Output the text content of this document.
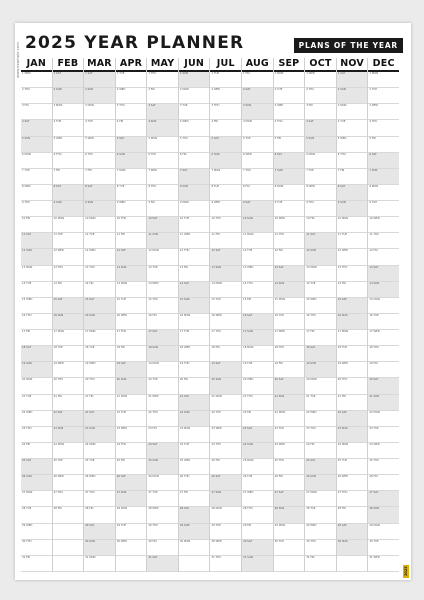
2025 YEAR PLANNER	PLANS OF THE YEAR
JAN
1 WED
2 THU
3 FRI
4 SAT
5 SUN
6 MON
7 TUE
8 WED
9 THU
10 FRI
11 SAT
12 SUN
13 MON
14 TUE
15 WED
16 THU
17 FRI
18 SAT
19 SUN
20 MON
21 TUE
22 WED
23 THU
24 FRI
25 SAT
26 SUN
27 MON
28 TUE
29 WED
30 THU
31 FRI
FEB
1 SAT
2 SUN
3 MON
4 TUE
5 WED
6 THU
7 FRI
8 SAT
9 SUN
10 MON
11 TUE
12 WED
13 THU
14 FRI
15 SAT
16 SUN
17 MON
18 TUE
19 WED
20 THU
21 FRI
22 SAT
23 SUN
24 MON
25 TUE
26 WED
27 THU
28 FRI
MAR
1 SAT
2 SUN
3 MON
4 TUE
5 WED
6 THU
7 FRI
8 SAT
9 SUN
10 MON
11 TUE
12 WED
13 THU
14 FRI
15 SAT
16 SUN
17 MON
18 TUE
19 WED
20 THU
21 FRI
22 SAT
23 SUN
24 MON
25 TUE
26 WED
27 THU
28 FRI
29 SAT
30 SUN
31 MON
APR
1 TUE
2 WED
3 THU
4 FRI
5 SAT
6 SUN
7 MON
8 TUE
9 WED
10 THU
11 FRI
12 SAT
13 SUN
14 MON
15 TUE
16 WED
17 THU
18 FRI
19 SAT
20 SUN
21 MON
22 TUE
23 WED
24 THU
25 FRI
26 SAT
27 SUN
28 MON
29 TUE
30 WED
MAY
1 THU
2 FRI
3 SAT
4 SUN
5 MON
6 TUE
7 WED
8 THU
9 FRI
10 SAT
11 SUN
12 MON
13 TUE
14 WED
15 THU
16 FRI
17 SAT
18 SUN
19 MON
20 TUE
21 WED
22 THU
23 FRI
24 SAT
25 SUN
26 MON
27 TUE
28 WED
29 THU
30 FRI
31 SAT
JUN
1 SUN
2 MON
3 TUE
4 WED
5 THU
6 FRI
7 SAT
8 SUN
9 MON
10 TUE
11 WED
12 THU
13 FRI
14 SAT
15 SUN
16 MON
17 TUE
18 WED
19 THU
20 FRI
21 SAT
22 SUN
23 MON
24 TUE
25 WED
26 THU
27 FRI
28 SAT
29 SUN
30 MON
JUL
1 TUE
2 WED
3 THU
4 FRI
5 SAT
6 SUN
7 MON
8 TUE
9 WED
10 THU
11 FRI
12 SAT
13 SUN
14 MON
15 TUE
16 WED
17 THU
18 FRI
19 SAT
20 SUN
21 MON
22 TUE
23 WED
24 THU
25 FRI
26 SAT
27 SUN
28 MON
29 TUE
30 WED
31 THU
AUG
1 FRI
2 SAT
3 SUN
4 MON
5 TUE
6 WED
7 THU
8 FRI
9 SAT
10 SUN
11 MON
12 TUE
13 WED
14 THU
15 FRI
16 SAT
17 SUN
18 MON
19 TUE
20 WED
21 THU
22 FRI
23 SAT
24 SUN
25 MON
26 TUE
27 WED
28 THU
29 FRI
30 SAT
31 SUN
SEP
1 MON
2 TUE
3 WED
4 THU
5 FRI
6 SAT
7 SUN
8 MON
9 TUE
10 WED
11 THU
12 FRI
13 SAT
14 SUN
15 MON
16 TUE
17 WED
18 THU
19 FRI
20 SAT
21 SUN
22 MON
23 TUE
24 WED
25 THU
26 FRI
27 SAT
28 SUN
29 MON
30 TUE
OCT
1 WED
2 THU
3 FRI
4 SAT
5 SUN
6 MON
7 TUE
8 WED
9 THU
10 FRI
11 SAT
12 SUN
13 MON
14 TUE
15 WED
16 THU
17 FRI
18 SAT
19 SUN
20 MON
21 TUE
22 WED
23 THU
24 FRI
25 SAT
26 SUN
27 MON
28 TUE
29 WED
30 THU
31 FRI
NOV
1 SAT
2 SUN
3 MON
4 TUE
5 WED
6 THU
7 FRI
8 SAT
9 SUN
10 MON
11 TUE
12 WED
13 THU
14 FRI
15 SAT
16 SUN
17 MON
18 TUE
19 WED
20 THU
21 FRI
22 SAT
23 SUN
24 MON
25 TUE
26 WED
27 THU
28 FRI
29 SAT
30 SUN
DEC
1 MON
2 TUE
3 WED
4 THU
5 FRI
6 SAT
7 SUN
8 MON
9 TUE
10 WED
11 THU
12 FRI
13 SAT
14 SUN
15 MON
16 TUE
17 WED
18 THU
19 FRI
20 SAT
21 SUN
22 MON
23 TUE
24 WED
25 THU
26 FRI
27 SAT
28 SUN
29 MON
30 TUE
31 WED
www.example.com
2025
